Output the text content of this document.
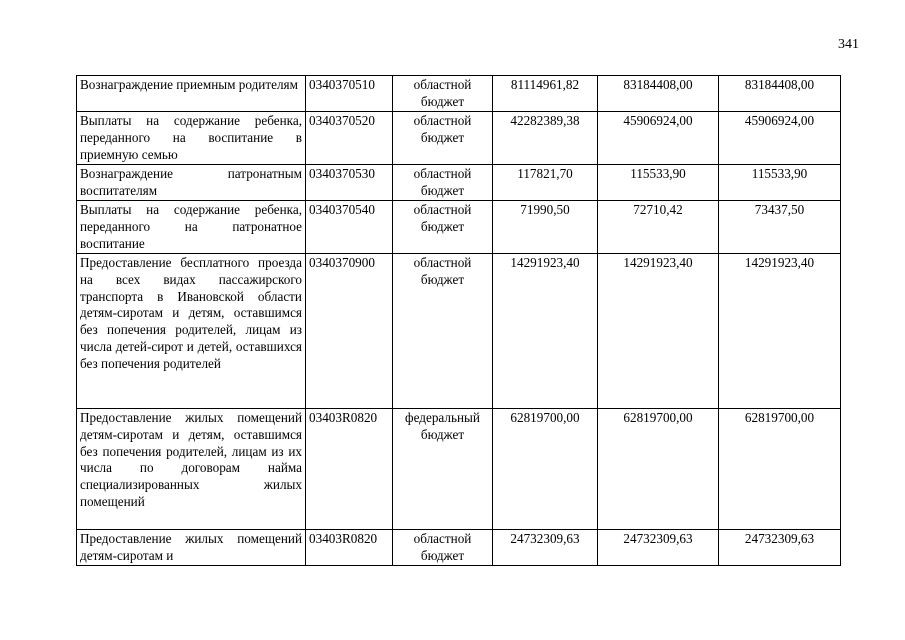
341
Вознаграждение приемным родителям	0340370510	областной бюджет	81114961,82	83184408,00	83184408,00
Выплаты на содержание ребенка, переданного на воспитание в приемную семью	0340370520	областной бюджет	42282389,38	45906924,00	45906924,00
Вознаграждение патронатным воспитателям	0340370530	областной бюджет	117821,70	115533,90	115533,90
Выплаты на содержание ребенка, переданного на патронатное воспитание	0340370540	областной бюджет	71990,50	72710,42	73437,50
Предоставление бесплатного проезда на всех видах пассажирского транспорта в Ивановской области детям-сиротам и детям, оставшимся без попечения родителей, лицам из числа детей-сирот и детей, оставшихся без попечения родителей	0340370900	областной бюджет	14291923,40	14291923,40	14291923,40
Предоставление жилых помещений детям-сиротам и детям, оставшимся без попечения родителей, лицам из их числа по договорам найма специализированных жилых помещений	03403R0820	федеральный бюджет	62819700,00	62819700,00	62819700,00
Предоставление жилых помещений детям-сиротам и	03403R0820	областной бюджет	24732309,63	24732309,63	24732309,63
